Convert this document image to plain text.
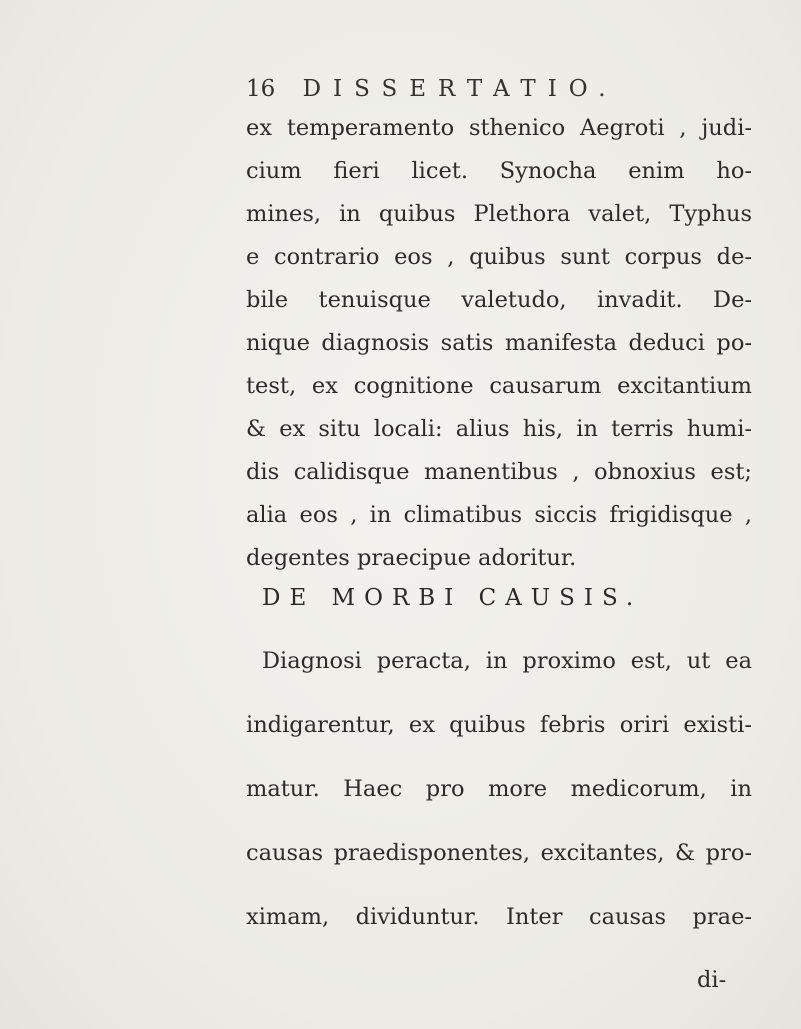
16 DISSERTATIO.
ex temperamento sthenico Aegroti , judi-
cium fieri licet. Synocha enim ho-
mines, in quibus Plethora valet, Typhus
e contrario eos , quibus sunt corpus de-
bile tenuisque valetudo, invadit. De-
nique diagnosis satis manifesta deduci po-
test, ex cognitione causarum excitantium
& ex situ locali: alius his, in terris humi-
dis calidisque manentibus , obnoxius est;
alia eos , in climatibus siccis frigidisque ,
degentes praecipue adoritur.
DE MORBI CAUSIS.
Diagnosi peracta, in proximo est, ut ea
indigarentur, ex quibus febris oriri existi-
matur. Haec pro more medicorum, in
causas praedisponentes, excitantes, & pro-
ximam, dividuntur. Inter causas prae-
di-
